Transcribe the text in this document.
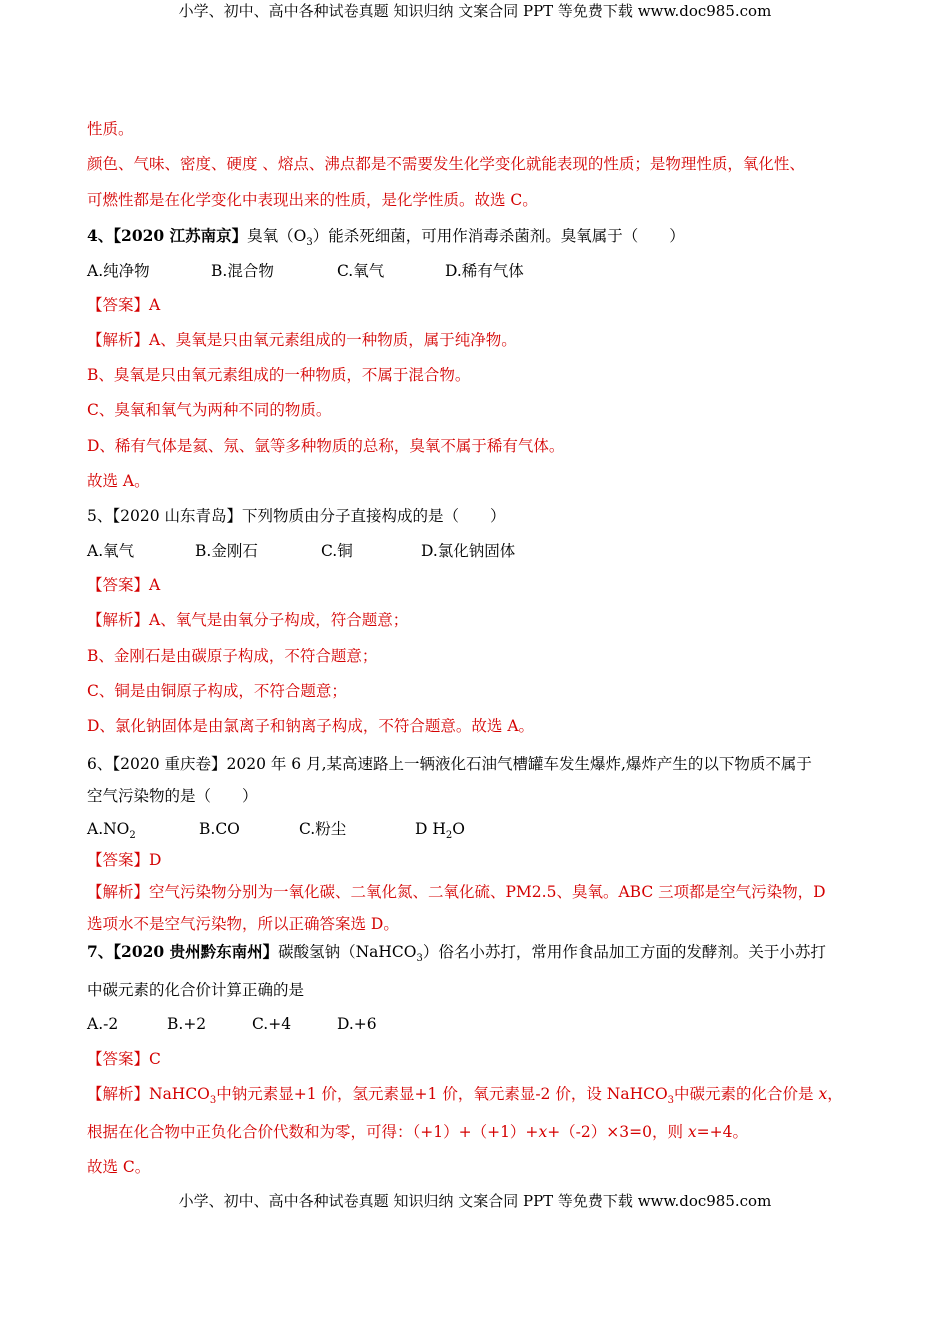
小学、初中、高中各种试卷真题 知识归纳 文案合同 PPT 等免费下载 www.doc985.com
性质。
颜色、气味、密度、硬度 、熔点、沸点都是不需要发生化学变化就能表现的性质；是物理性质，氧化性、
可燃性都是在化学变化中表现出来的性质，是化学性质。故选 C。
4、【2020 江苏南京】臭氧$(O_3)$能杀死细菌，可用作消毒杀菌剂。臭氧属于（　　）
A.纯净物	B.混合物	C.氧气	D.稀有气体
【答案】A
【解析】A、臭氧是只由氧元素组成的一种物质，属于纯净物。
B、臭氧是只由氧元素组成的一种物质，不属于混合物。
C、臭氧和氧气为两种不同的物质。
D、稀有气体是氦、氖、氩等多种物质的总称，臭氧不属于稀有气体。
故选 A。
5、【2020 山东青岛】下列物质由分子直接构成的是（　　）
A.氧气	B.金刚石	C.铜	D.氯化钠固体
【答案】A
【解析】A、氧气是由氧分子构成，符合题意；
B、金刚石是由碳原子构成，不符合题意；
C、铜是由铜原子构成，不符合题意；
D、氯化钠固体是由氯离子和钠离子构成，不符合题意。故选 A。
6、【2020 重庆卷】2020 年 6 月,某高速路上一辆液化石油气槽罐车发生爆炸,爆炸产生的以下物质不属于
空气污染物的是（　　）
$A.NO_2$	B.CO	C.粉尘	D $H_2O$
【答案】D
【解析】空气污染物分别为一氧化碳、二氧化氮、二氧化硫、PM2.5、臭氧。ABC 三项都是空气污染物，D
选项水不是空气污染物，所以正确答案选 D。
7、【2020 贵州黔东南州】碳酸氢钠（NaHCO$_3$）俗名小苏打，常用作食品加工方面的发酵剂。关于小苏打
中碳元素的化合价计算正确的是
A.-2	B.+2	C.+4	D.+6
【答案】C
【解析】NaHCO$_3$中钠元素显+1 价，氢元素显+1 价，氧元素显-2 价，设 NaHCO$_3$中碳元素的化合价是 x，
根据在化合物中正负化合价代数和为零，可得：（+1）+（+1）+x+（-2）×3=0，则 x=+4。
故选 C。
小学、初中、高中各种试卷真题 知识归纳 文案合同 PPT 等免费下载 www.doc985.com
